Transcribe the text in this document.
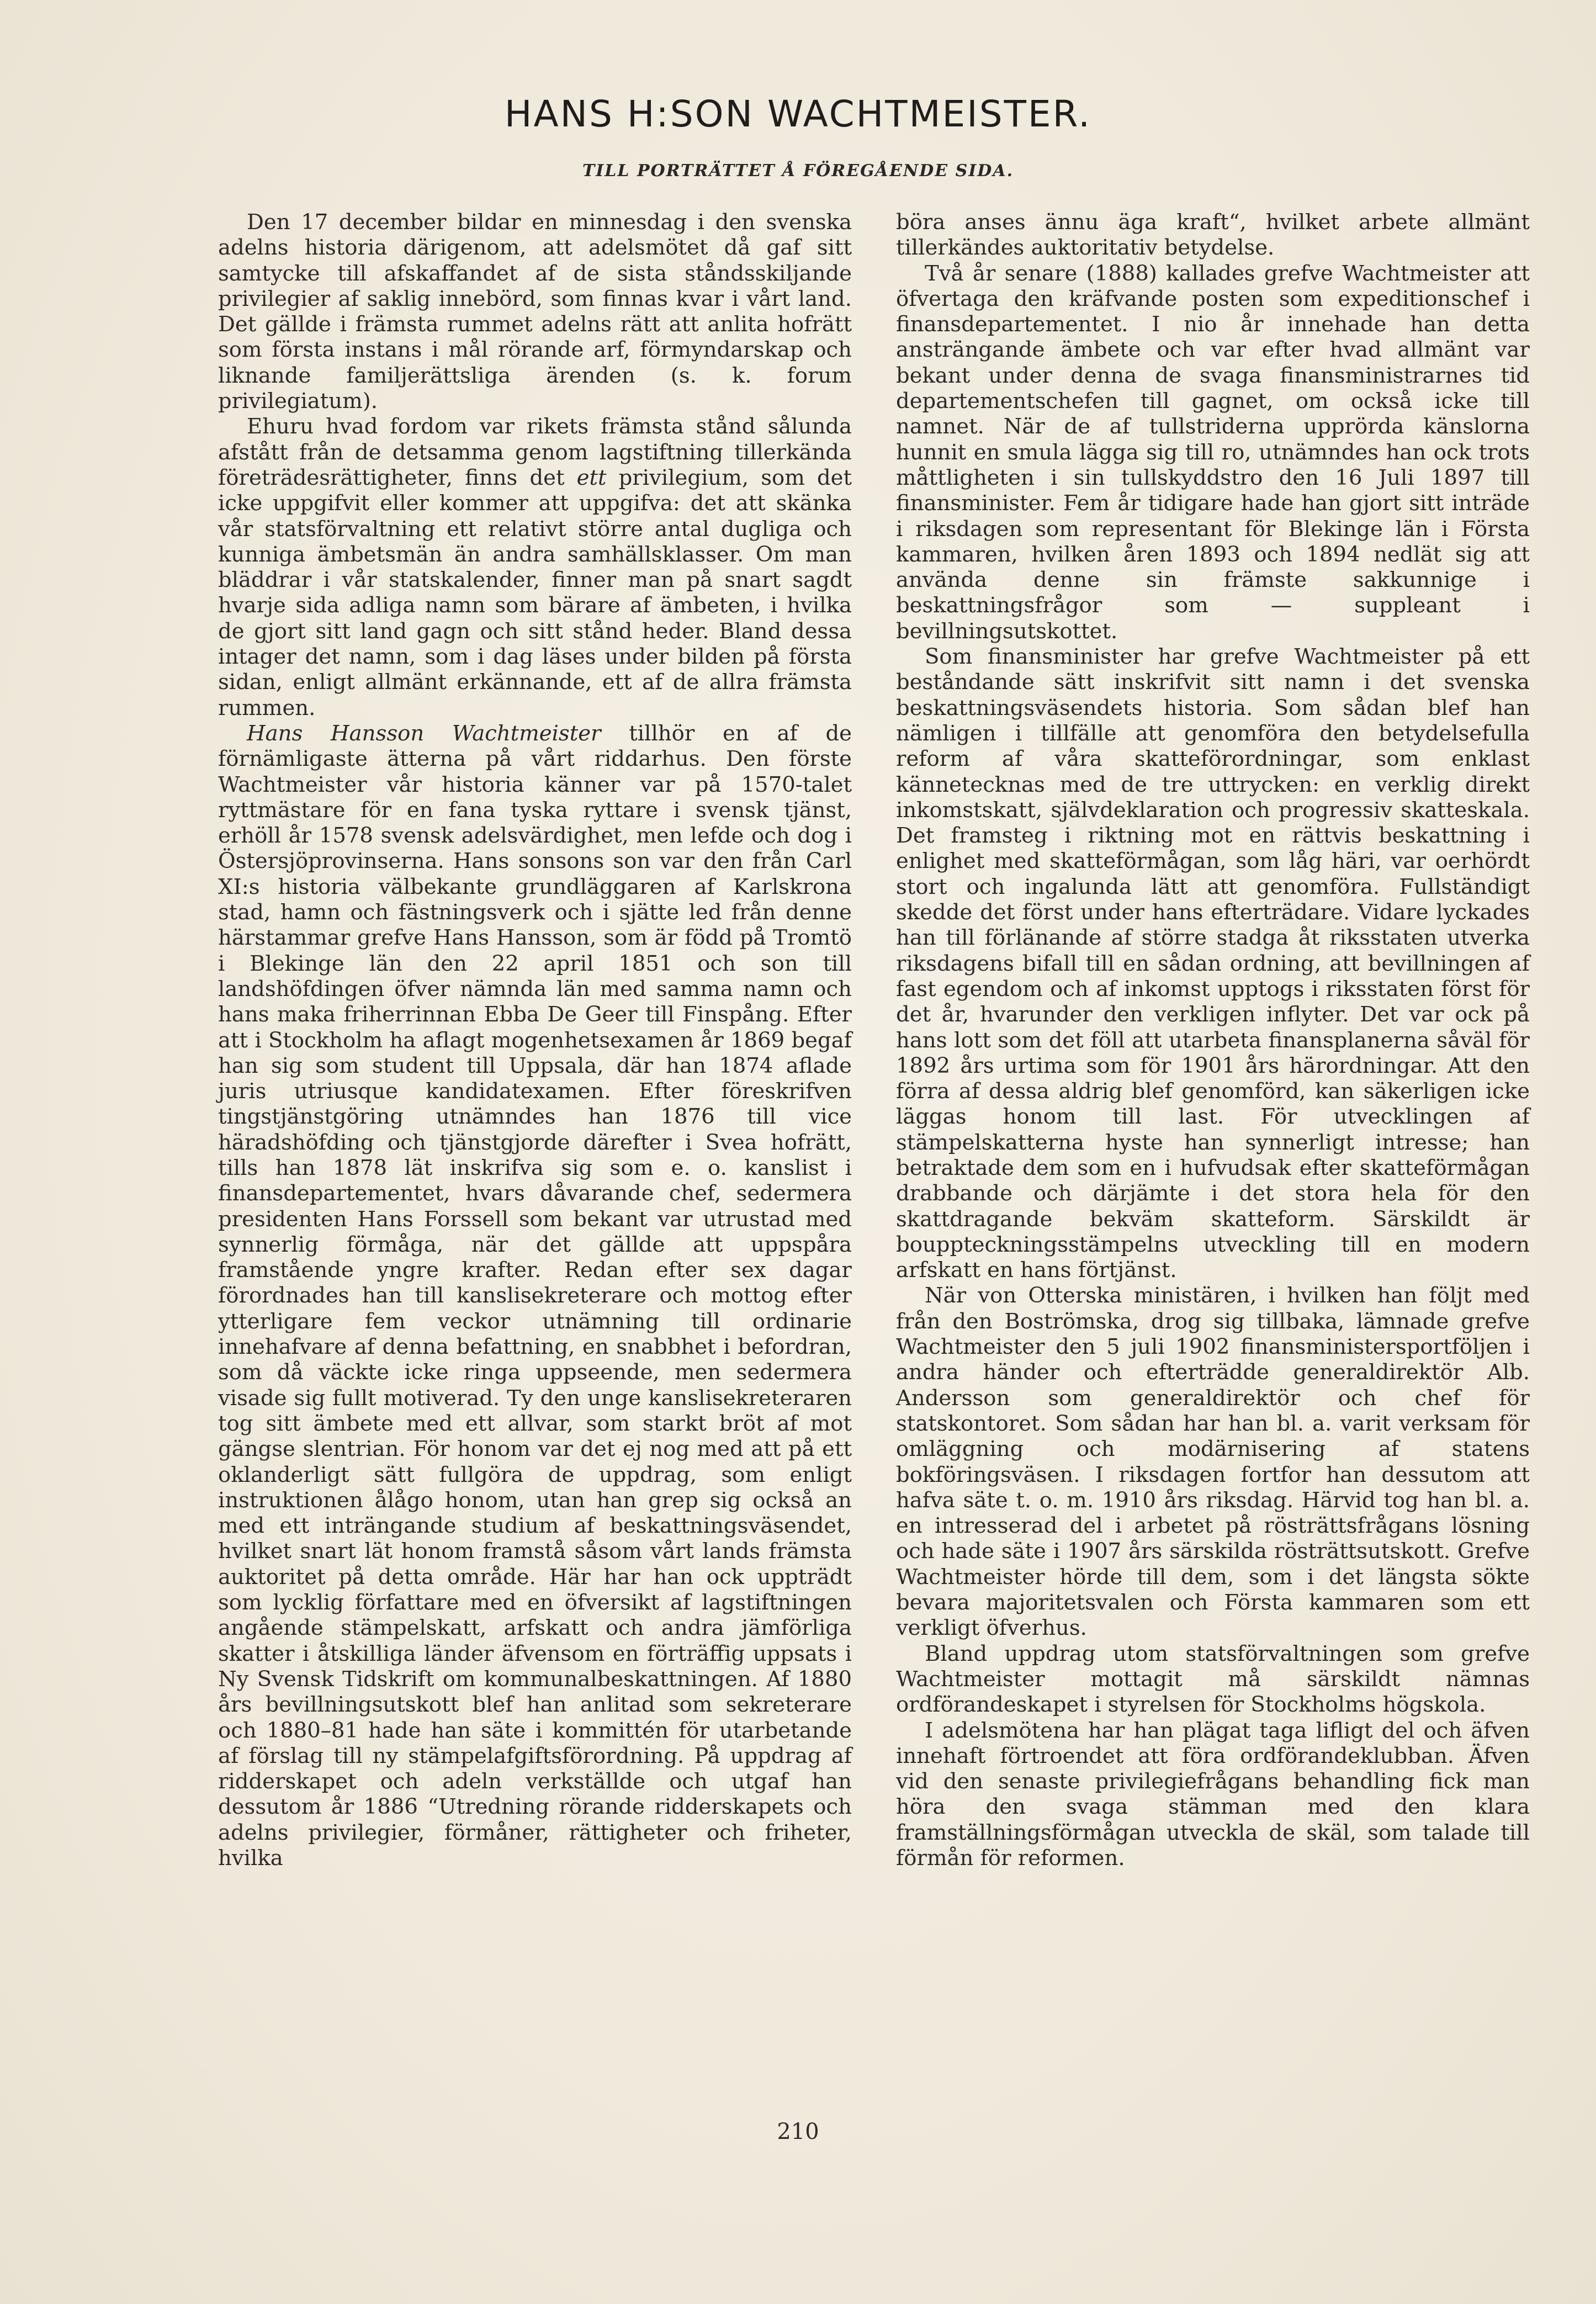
HANS H:SON WACHTMEISTER.
TILL PORTRÄTTET Å FÖREGÅENDE SIDA.

Den 17 december bildar en minnesdag i den svenska adelns historia därigenom, att adelsmötet då gaf sitt samtycke till afskaffandet af de sista ståndsskiljande privilegier af saklig innebörd, som finnas kvar i vårt land. Det gällde i främsta rummet adelns rätt att anlita hofrätt som första instans i mål rörande arf, förmyndarskap och liknande familjerättsliga ärenden (s. k. forum privilegiatum).

Ehuru hvad fordom var rikets främsta stånd sålunda afstått från de detsamma genom lagstiftning tillerkända företrädesrättigheter, finns det ett privilegium, som det icke uppgifvit eller kommer att uppgifva: det att skänka vår statsförvaltning ett relativt större antal dugliga och kunniga ämbetsmän än andra samhällsklasser. Om man bläddrar i vår statskalender, finner man på snart sagdt hvarje sida adliga namn som bärare af ämbeten, i hvilka de gjort sitt land gagn och sitt stånd heder. Bland dessa intager det namn, som i dag läses under bilden på första sidan, enligt allmänt erkännande, ett af de allra främsta rummen.

Hans Hansson Wachtmeister tillhör en af de förnämligaste ätterna på vårt riddarhus. Den förste Wachtmeister vår historia känner var på 1570-talet ryttmästare för en fana tyska ryttare i svensk tjänst, erhöll år 1578 svensk adelsvärdighet, men lefde och dog i Östersjöprovinserna. Hans sonsons son var den från Carl XI:s historia välbekante grundläggaren af Karlskrona stad, hamn och fästningsverk och i sjätte led från denne härstammar grefve Hans Hansson, som är född på Tromtö i Blekinge län den 22 april 1851 och son till landshöfdingen öfver nämnda län med samma namn och hans maka friherrinnan Ebba De Geer till Finspång. Efter att i Stockholm ha aflagt mogenhetsexamen år 1869 begaf han sig som student till Uppsala, där han 1874 aflade juris utriusque kandidatexamen. Efter föreskrifven tingstjänstgöring utnämndes han 1876 till vice häradshöfding och tjänstgjorde därefter i Svea hofrätt, tills han 1878 lät inskrifva sig som e. o. kanslist i finansdepartementet, hvars dåvarande chef, sedermera presidenten Hans Forssell som bekant var utrustad med synnerlig förmåga, när det gällde att uppspåra framstående yngre krafter. Redan efter sex dagar förordnades han till kanslisekreterare och mottog efter ytterligare fem veckor utnämning till ordinarie innehafvare af denna befattning, en snabbhet i befordran, som då väckte icke ringa uppseende, men sedermera visade sig fullt motiverad. Ty den unge kanslisekreteraren tog sitt ämbete med ett allvar, som starkt bröt af mot gängse slentrian. För honom var det ej nog med att på ett oklanderligt sätt fullgöra de uppdrag, som enligt instruktionen ålågo honom, utan han grep sig också an med ett inträngande studium af beskattningsväsendet, hvilket snart lät honom framstå såsom vårt lands främsta auktoritet på detta område. Här har han ock uppträdt som lycklig författare med en öfversikt af lagstiftningen angående stämpelskatt, arfskatt och andra jämförliga skatter i åtskilliga länder äfvensom en förträffig uppsats i Ny Svensk Tidskrift om kommunalbeskattningen. Af 1880 års bevillningsutskott blef han anlitad som sekreterare och 1880–81 hade han säte i kommittén för utarbetande af förslag till ny stämpelafgiftsförordning. På uppdrag af ridderskapet och adeln verkställde och utgaf han dessutom år 1886 “Utredning rörande ridderskapets och adelns privilegier, förmåner, rättigheter och friheter, hvilka

böra anses ännu äga kraft“, hvilket arbete allmänt tillerkändes auktoritativ betydelse.

Två år senare (1888) kallades grefve Wachtmeister att öfvertaga den kräfvande posten som expeditionschef i finansdepartementet. I nio år innehade han detta ansträngande ämbete och var efter hvad allmänt var bekant under denna de svaga finansministrarnes tid departementschefen till gagnet, om också icke till namnet. När de af tullstriderna upprörda känslorna hunnit en smula lägga sig till ro, utnämndes han ock trots måttligheten i sin tullskyddstro den 16 Juli 1897 till finansminister. Fem år tidigare hade han gjort sitt inträde i riksdagen som representant för Blekinge län i Första kammaren, hvilken åren 1893 och 1894 nedlät sig att använda denne sin främste sakkunnige i beskattningsfrågor som — suppleant i bevillningsutskottet.

Som finansminister har grefve Wachtmeister på ett beståndande sätt inskrifvit sitt namn i det svenska beskattningsväsendets historia. Som sådan blef han nämligen i tillfälle att genomföra den betydelsefulla reform af våra skatteförordningar, som enklast kännetecknas med de tre uttrycken: en verklig direkt inkomstskatt, självdeklaration och progressiv skatteskala. Det framsteg i riktning mot en rättvis beskattning i enlighet med skatteförmågan, som låg häri, var oerhördt stort och ingalunda lätt att genomföra. Fullständigt skedde det först under hans efterträdare. Vidare lyckades han till förlänande af större stadga åt riksstaten utverka riksdagens bifall till en sådan ordning, att bevillningen af fast egendom och af inkomst upptogs i riksstaten först för det år, hvarunder den verkligen inflyter. Det var ock på hans lott som det föll att utarbeta finansplanerna såväl för 1892 års urtima som för 1901 års härordningar. Att den förra af dessa aldrig blef genomförd, kan säkerligen icke läggas honom till last. För utvecklingen af stämpelskatterna hyste han synnerligt intresse; han betraktade dem som en i hufvudsak efter skatteförmågan drabbande och därjämte i det stora hela för den skattdragande bekväm skatteform. Särskildt är bouppteckningsstämpelns utveckling till en modern arfskatt en hans förtjänst.

När von Otterska ministären, i hvilken han följt med från den Boströmska, drog sig tillbaka, lämnade grefve Wachtmeister den 5 juli 1902 finansministersportföljen i andra händer och efterträdde generaldirektör Alb. Andersson som generaldirektör och chef för statskontoret. Som sådan har han bl. a. varit verksam för omläggning och modärnisering af statens bokföringsväsen. I riksdagen fortfor han dessutom att hafva säte t. o. m. 1910 års riksdag. Härvid tog han bl. a. en intresserad del i arbetet på rösträttsfrågans lösning och hade säte i 1907 års särskilda rösträttsutskott. Grefve Wachtmeister hörde till dem, som i det längsta sökte bevara majoritetsvalen och Första kammaren som ett verkligt öfverhus.

Bland uppdrag utom statsförvaltningen som grefve Wachtmeister mottagit må särskildt nämnas ordförandeskapet i styrelsen för Stockholms högskola.

I adelsmötena har han plägat taga lifligt del och äfven innehaft förtroendet att föra ordförandeklubban. Äfven vid den senaste privilegiefrågans behandling fick man höra den svaga stämman med den klara framställningsförmågan utveckla de skäl, som talade till förmån för reformen.

210
